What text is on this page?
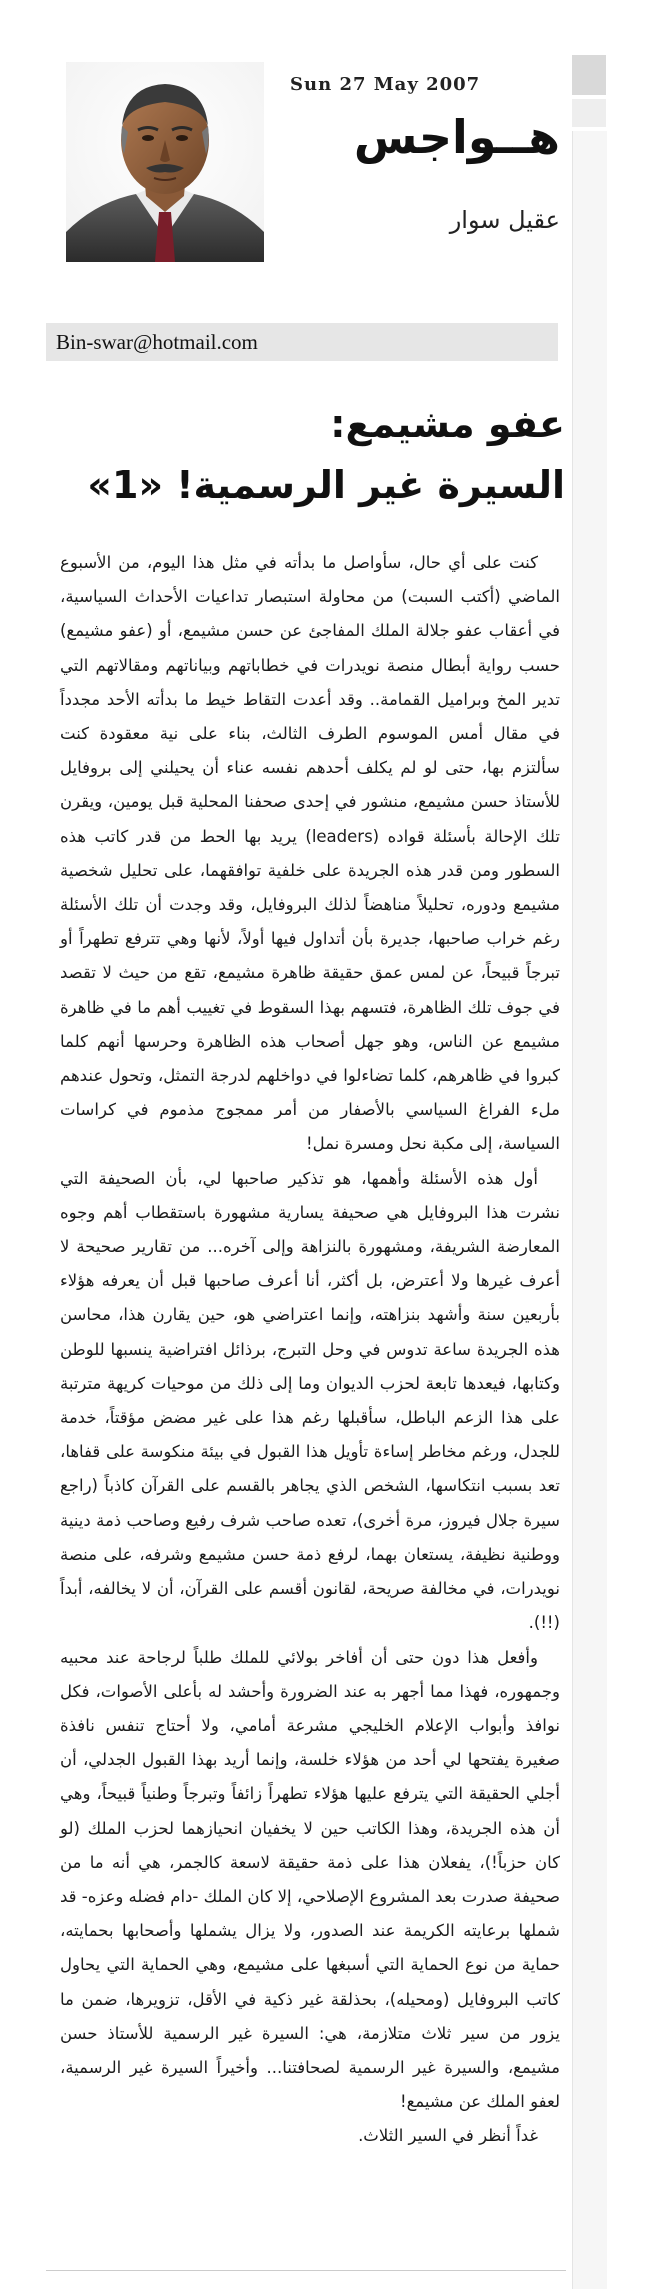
Sun 27 May 2007
هــواجس
عقيل سوار
Bin-swar@hotmail.com
عفو مشيمع:
السيرة غير الرسمية! «1»

كنت على أي حال، سأواصل ما بدأته في مثل هذا اليوم، من الأسبوع الماضي (أكتب السبت) من محاولة استبصار تداعيات الأحداث السياسية، في أعقاب عفو جلالة الملك المفاجئ عن حسن مشيمع، أو (عفو مشيمع) حسب رواية أبطال منصة نويدرات في خطاباتهم وبياناتهم ومقالاتهم التي تدير المخ وبراميل القمامة.. وقد أعدت التقاط خيط ما بدأته الأحد مجدداً في مقال أمس الموسوم الطرف الثالث، بناء على نية معقودة كنت سألتزم بها، حتى لو لم يكلف أحدهم نفسه عناء أن يحيلني إلى بروفايل للأستاذ حسن مشيمع، منشور في إحدى صحفنا المحلية قبل يومين، ويقرن تلك الإحالة بأسئلة قواده (leaders) يريد بها الحط من قدر كاتب هذه السطور ومن قدر هذه الجريدة على خلفية توافقهما، على تحليل شخصية مشيمع ودوره، تحليلاً مناهضاً لذلك البروفايل، وقد وجدت أن تلك الأسئلة رغم خراب صاحبها، جديرة بأن أتداول فيها أولاً، لأنها وهي تترفع تطهراً أو تبرجاً قبيحاً، عن لمس عمق حقيقة ظاهرة مشيمع، تقع من حيث لا تقصد في جوف تلك الظاهرة، فتسهم بهذا السقوط في تغييب أهم ما في ظاهرة مشيمع عن الناس، وهو جهل أصحاب هذه الظاهرة وحرسها أنهم كلما كبروا في ظاهرهم، كلما تضاءلوا في دواخلهم لدرجة التمثل، وتحول عندهم ملء الفراغ السياسي بالأصفار من أمر ممجوج مذموم في كراسات السياسة، إلى مكبة نحل ومسرة نمل!

أول هذه الأسئلة وأهمها، هو تذكير صاحبها لي، بأن الصحيفة التي نشرت هذا البروفايل هي صحيفة يسارية مشهورة باستقطاب أهم وجوه المعارضة الشريفة، ومشهورة بالنزاهة وإلى آخره... من تقارير صحيحة لا أعرف غيرها ولا أعترض، بل أكثر، أنا أعرف صاحبها قبل أن يعرفه هؤلاء بأربعين سنة وأشهد بنزاهته، وإنما اعتراضي هو، حين يقارن هذا، محاسن هذه الجريدة ساعة تدوس في وحل التبرج، برذائل افتراضية ينسبها للوطن وكتابها، فيعدها تابعة لحزب الديوان وما إلى ذلك من موحيات كريهة مترتبة على هذا الزعم الباطل، سأقبلها رغم هذا على غير مضض مؤقتاً، خدمة للجدل، ورغم مخاطر إساءة تأويل هذا القبول في بيئة منكوسة على قفاها، تعد بسبب انتكاسها، الشخص الذي يجاهر بالقسم على القرآن كاذباً (راجع سيرة جلال فيروز، مرة أخرى)، تعده صاحب شرف رفيع وصاحب ذمة دينية ووطنية نظيفة، يستعان بهما، لرفع ذمة حسن مشيمع وشرفه، على منصة نويدرات، في مخالفة صريحة، لقانون أقسم على القرآن، أن لا يخالفه، أبداً (!!).

وأفعل هذا دون حتى أن أفاخر بولائي للملك طلباً لرجاحة عند محبيه وجمهوره، فهذا مما أجهر به عند الضرورة وأحشد له بأعلى الأصوات، فكل نوافذ وأبواب الإعلام الخليجي مشرعة أمامي، ولا أحتاج تنفس نافذة صغيرة يفتحها لي أحد من هؤلاء خلسة، وإنما أريد بهذا القبول الجدلي، أن أجلي الحقيقة التي يترفع عليها هؤلاء تطهراً زائفاً وتبرجاً وطنياً قبيحاً، وهي أن هذه الجريدة، وهذا الكاتب حين لا يخفيان انحيازهما لحزب الملك (لو كان حزباً!)، يفعلان هذا على ذمة حقيقة لاسعة كالجمر، هي أنه ما من صحيفة صدرت بعد المشروع الإصلاحي، إلا كان الملك -دام فضله وعزه- قد شملها برعايته الكريمة عند الصدور، ولا يزال يشملها وأصحابها بحمايته، حماية من نوع الحماية التي أسبغها على مشيمع، وهي الحماية التي يحاول كاتب البروفايل (ومحيله)، بحذلقة غير ذكية في الأقل، تزويرها، ضمن ما يزور من سير ثلاث متلازمة، هي: السيرة غير الرسمية للأستاذ حسن مشيمع، والسيرة غير الرسمية لصحافتنا... وأخيراً السيرة غير الرسمية، لعفو الملك عن مشيمع!

غداً أنظر في السير الثلاث.
